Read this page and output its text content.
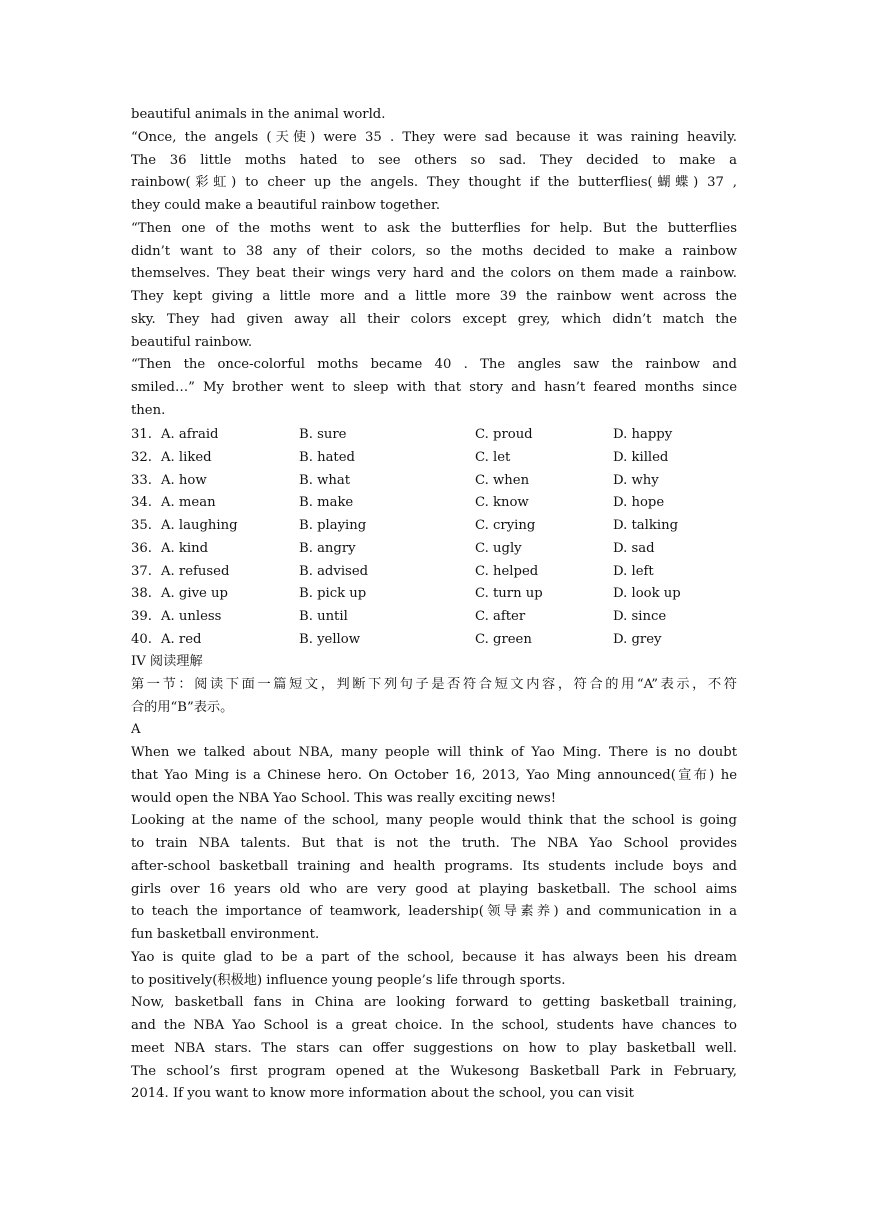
beautiful animals in the animal world.
“Once, the angels (天使) were 35 . They were sad because it was raining heavily.
The 36 little moths hated to see others so sad. They decided to make a
rainbow(彩虹) to cheer up the angels. They thought if the butterflies(蝴蝶) 37 ,
they could make a beautiful rainbow together.
“Then one of the moths went to ask the butterflies for help. But the butterflies
didn’t want to 38 any of their colors, so the moths decided to make a rainbow
themselves. They beat their wings very hard and the colors on them made a rainbow.
They kept giving a little more and a little more 39 the rainbow went across the
sky. They had given away all their colors except grey, which didn’t match the
beautiful rainbow.
“Then the once-colorful moths became 40 . The angles saw the rainbow and
smiled…” My brother went to sleep with that story and hasn’t feared months since
then.
31. A. afraid	B. sure	C. proud	D. happy
32. A. liked	B. hated	C. let	D. killed
33. A. how	B. what	C. when	D. why
34. A. mean	B. make	C. know	D. hope
35. A. laughing	B. playing	C. crying	D. talking
36. A. kind	B. angry	C. ugly	D. sad
37. A. refused	B. advised	C. helped	D. left
38. A. give up	B. pick up	C. turn up	D. look up
39. A. unless	B. until	C. after	D. since
40. A. red	B. yellow	C. green	D. grey
IV 阅读理解
第一节：阅读下面一篇短文，判断下列句子是否符合短文内容，符合的用“A”表示，不符
合的用“B”表示。
A
When we talked about NBA, many people will think of Yao Ming. There is no doubt
that Yao Ming is a Chinese hero. On October 16, 2013, Yao Ming announced(宣布) he
would open the NBA Yao School. This was really exciting news!
Looking at the name of the school, many people would think that the school is going
to train NBA talents. But that is not the truth. The NBA Yao School provides
after-school basketball training and health programs. Its students include boys and
girls over 16 years old who are very good at playing basketball. The school aims
to teach the importance of teamwork, leadership(领导素养) and communication in a
fun basketball environment.
Yao is quite glad to be a part of the school, because it has always been his dream
to positively(积极地) influence young people’s life through sports.
Now, basketball fans in China are looking forward to getting basketball training,
and the NBA Yao School is a great choice. In the school, students have chances to
meet NBA stars. The stars can offer suggestions on how to play basketball well.
The school’s first program opened at the Wukesong Basketball Park in February,
2014. If you want to know more information about the school, you can visit
